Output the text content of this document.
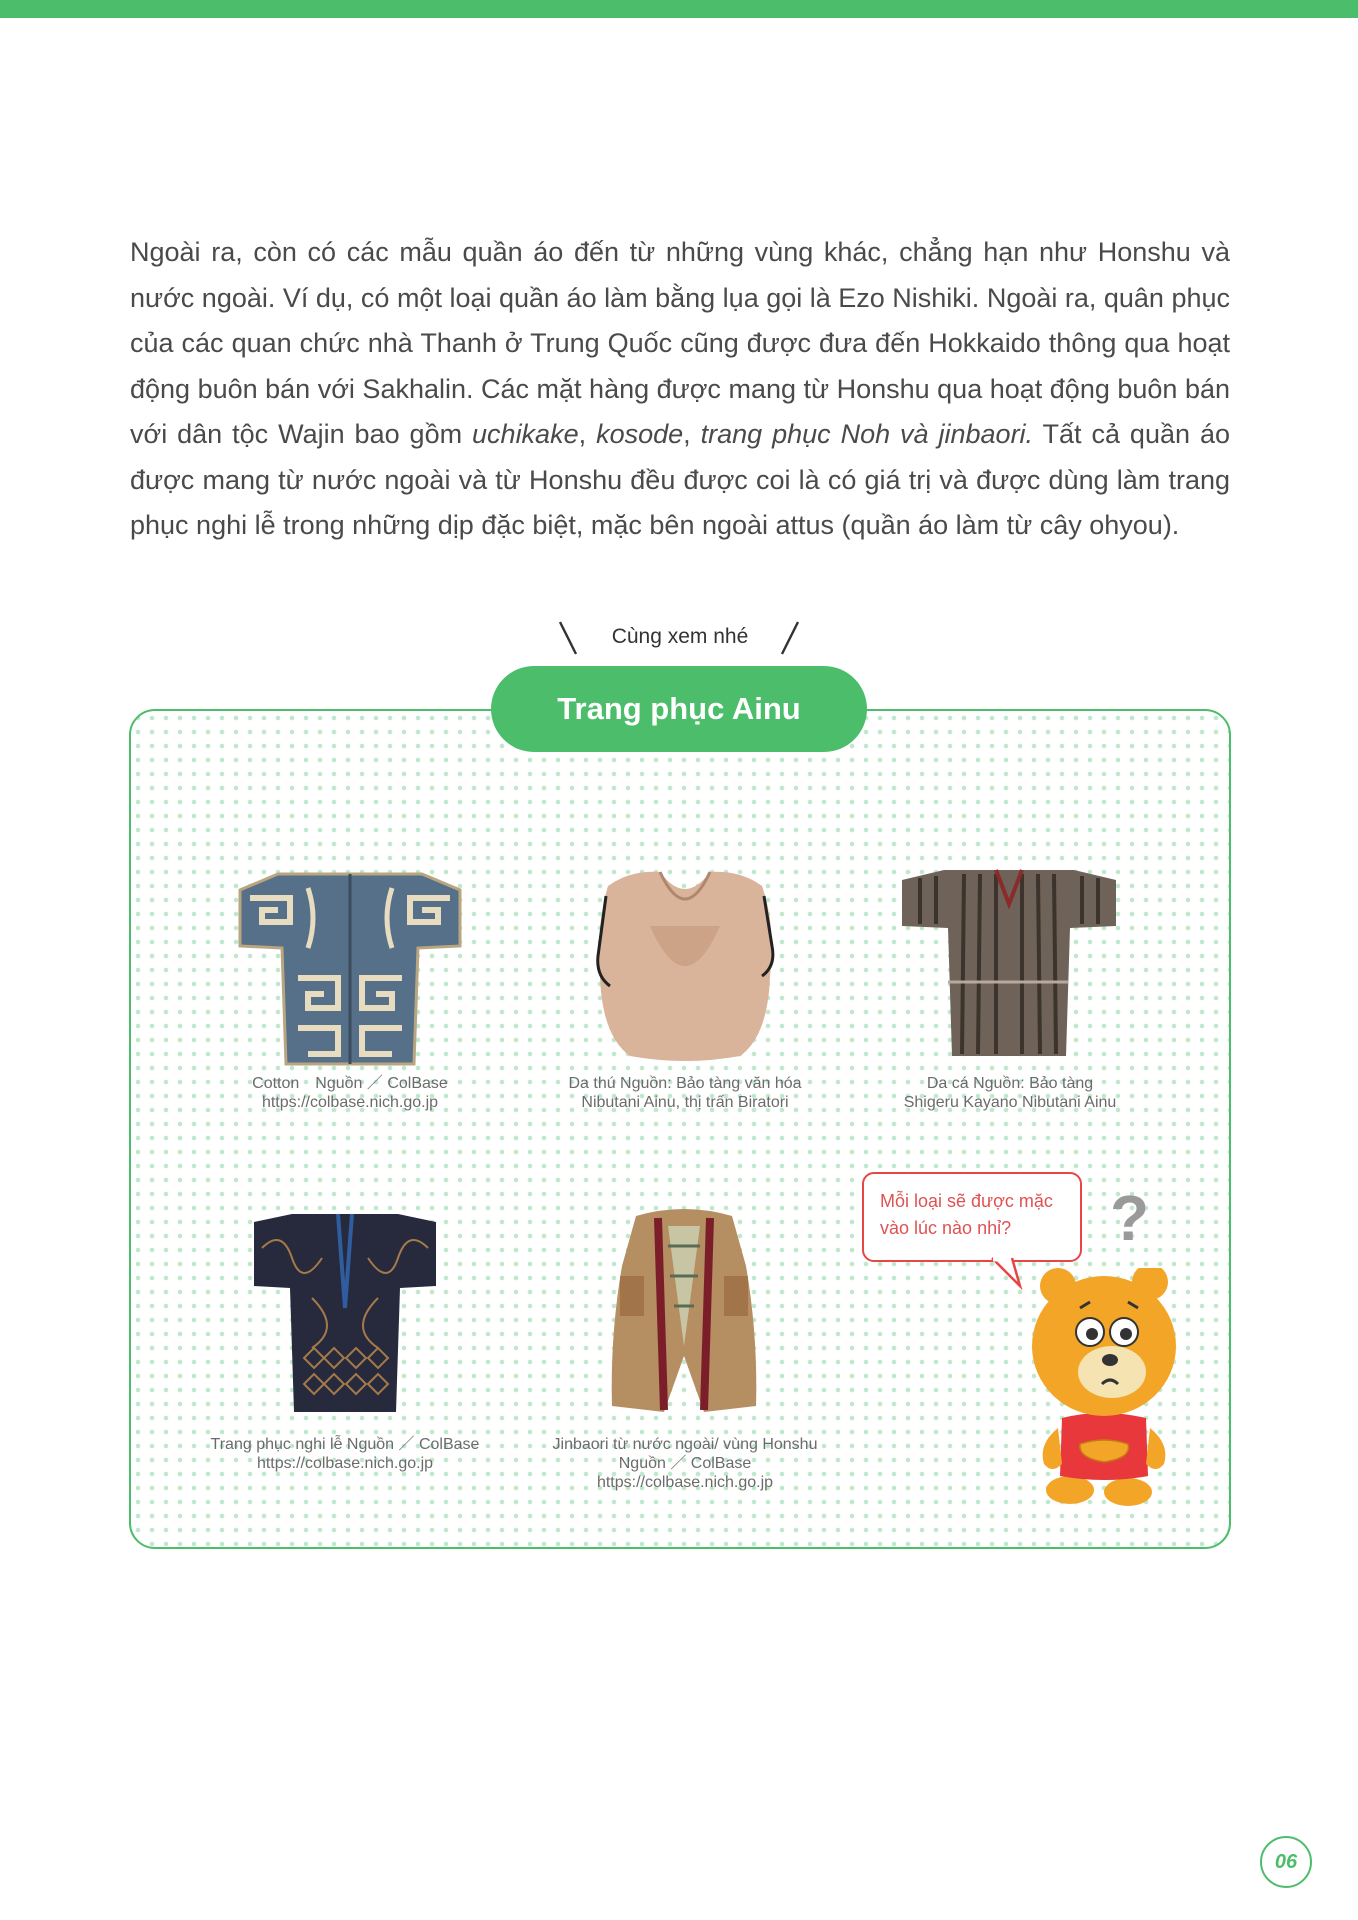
Ngoài ra, còn có các mẫu quần áo đến từ những vùng khác, chẳng hạn như Honshu và nước ngoài. Ví dụ, có một loại quần áo làm bằng lụa gọi là Ezo Nishiki. Ngoài ra, quân phục của các quan chức nhà Thanh ở Trung Quốc cũng được đưa đến Hokkaido thông qua hoạt động buôn bán với Sakhalin. Các mặt hàng được mang từ Honshu qua hoạt động buôn bán với dân tộc Wajin bao gồm uchikake, kosode, trang phục Noh và jinbaori. Tất cả quần áo được mang từ nước ngoài và từ Honshu đều được coi là có giá trị và được dùng làm trang phục nghi lễ trong những dịp đặc biệt, mặc bên ngoài attus (quần áo làm từ cây ohyou).

Cùng xem nhé
Trang phục Ainu
Cotton　Nguồn ／ ColBase
https://colbase.nich.go.jp
Da thú Nguồn: Bảo tàng văn hóa
Nibutani Ainu, thị trấn Biratori
Da cá Nguồn: Bảo tàng
Shigeru Kayano Nibutani Ainu
Trang phục nghi lễ Nguồn ／ ColBase
https://colbase.nich.go.jp
Jinbaori từ nước ngoài/ vùng Honshu
Nguồn ／ ColBase
https://colbase.nich.go.jp
Mỗi loại sẽ được mặc
vào lúc nào nhỉ?	?
06
